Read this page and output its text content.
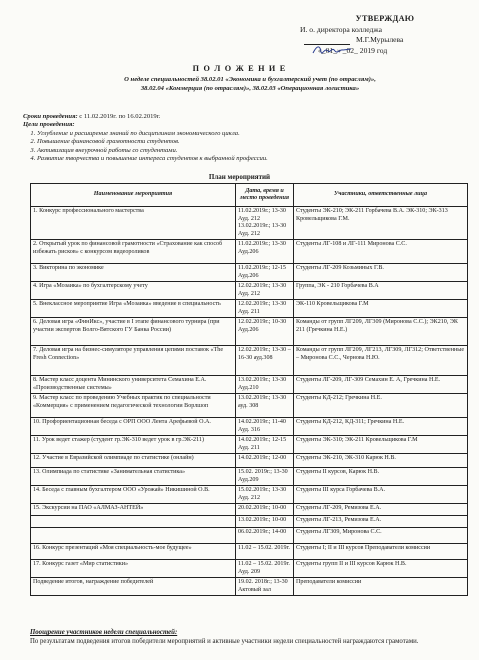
УТВЕРЖДАЮ
И. о. директора колледжа
М.Г.Мурылева
«_01_» _02_ 2019 год
П О Л О Ж Е Н И Е
О неделе специальностей 38.02.01 «Экономика и бухгалтерский учет (по отраслям)»,
38.02.04 «Коммерция (по отраслям)», 38.02.03 «Операционная логистика»
Сроки проведения: с 11.02.2019г. по 16.02.2019г.
Цели проведения:
1. Углубление и расширение знаний по дисциплинам экономического цикла.
2. Повышение финансовой грамотности студентов.
3. Активизация внеурочной работы со студентами.
4. Развитие творчества и повышение интереса студентов к выбранной профессии.
План мероприятий
Наименование мероприятия	Дата, время и место проведения	Участники, ответственные лица
1. Конкурс профессионального мастерства	11.02.2019г.; 13-30 Ауд. 212 13.02.2019г.; 13-30 Ауд. 212	Студенты ЭК-210; ЭК-211 Горбачева В.А. ЭК-310; ЭК-313 Кровельщикова Г.М.
2. Открытый урок по финансовой грамотности «Страхование как способ избежать рисков» с конкурсом видеороликов	11.02.2019г.; 13-30 Ауд.206	Студенты ЛГ-108 и ЛГ-111 Миронова С.С.
3. Викторина по экономике	11.02.2019г.; 12-15 Ауд.206	Студенты ЛГ-209 Козьминых Г.В.
4. Игра «Мозаика» по бухгалтерскому учету	12.02.2019г.; 13-30 Ауд. 212	Группа, ЭК - 210 Горбачева В.А
5. Внеклассное мероприятие Игра «Мозаика» введение в специальность	12.02.2019г.; 13-30 Ауд. 211	ЭК-110 Кровельщикова Г.М
6. Деловая игра «ФинИкс», участие в I этапе финансового турнира (при участии экспертов Волго-Вятского ГУ Банка России)	12.02.2019г.; 10-30 Ауд.206	Команды от групп ЛГ209, ЛГ309 (Миронова С.С.); ЭК210, ЭК 211 (Гречкина Н.Е.)
7. Деловая игра на бизнес-симуляторе управления цепями поставок «The Fresh Connection»	12.02.2019г.; 13-30 – 16-30 ауд.308	Команды от групп ЛГ209, ЛГ213, ЛГ309, ЛГ312; Ответственные – Миронова С.С., Чернова Н.Ю.
8. Мастер класс доцента Мининского университета Семахина Е.А. «Производственные системы»	13.02.2019г.; 13-30 Ауд.210	Студенты ЛГ-209, ЛГ-309 Семахин Е. А, Гречкина Н.Е.
9. Мастер класс по проведению Учебных практик по специальности «Коммерция» с применением педагогической технологии Ворлшоп	13.02.2019г.; 13-30 ауд. 308	Студенты КД-212; Гречкина Н.Е.
10. Профориентационная беседа с ОРП ООО Лента Арефьевой О.А.	14.02.2019г.; 11-40 Ауд. 316	Студенты КД-212, КД-311; Гречкина Н.Е.
11. Урок ведет стажер (студент гр.ЭК-310 ведет урок в гр.ЭК-211)	14.02.2019г.; 12-15 Ауд. 211	Студенты ЭК-310; ЭК-211 Кровельщикова Г.М
12. Участие в Евразийской олимпиаде по статистике (онлайн)	14.02.2019г.; 12-00	Студенты ЭК-210, ЭК-310 Карюк Н.В.
13. Олимпиада по статистике «Занимательная статистика»	15.02. 2019г.; 13-30 Ауд.209	Студенты II курсов, Карюк Н.В.
14. Беседа с главным бухгалтером ООО «Урожай» Никишиной О.В.	15.02.2019г.; 13-30 Ауд. 212	Студенты III курса Горбачева В.А.
15. Экскурсии на ПАО «АЛМАЗ-АНТЕЙ»	20.02.2019г.; 10-00	Студенты ЛГ-209, Ремизова Е.А.
	13.02.2019г.; 10-00	Студенты ЛГ-213, Ремизова Е.А.
	06.02.2019г.; 14-00	Студенты ЛГ309, Миронова С.С.
16. Конкурс презентаций «Моя специальность-мое будущее»	11.02 – 15.02. 2019г.	Студенты I; II и III курсов Преподаватели комиссии
17. Конкурс газет «Мир статистики»	11.02 – 15.02. 2019г. Ауд. 209	Студенты групп II и III курсов Карюк Н.В.
Подведение итогов, награждение победителей	19.02. 2018г.; 13-30 Актовый зал	Преподаватели комиссии
Поощрение участников недели специальностей:
По результатам подведения итогов победители мероприятий и активные участники недели специальностей награждаются грамотами.
